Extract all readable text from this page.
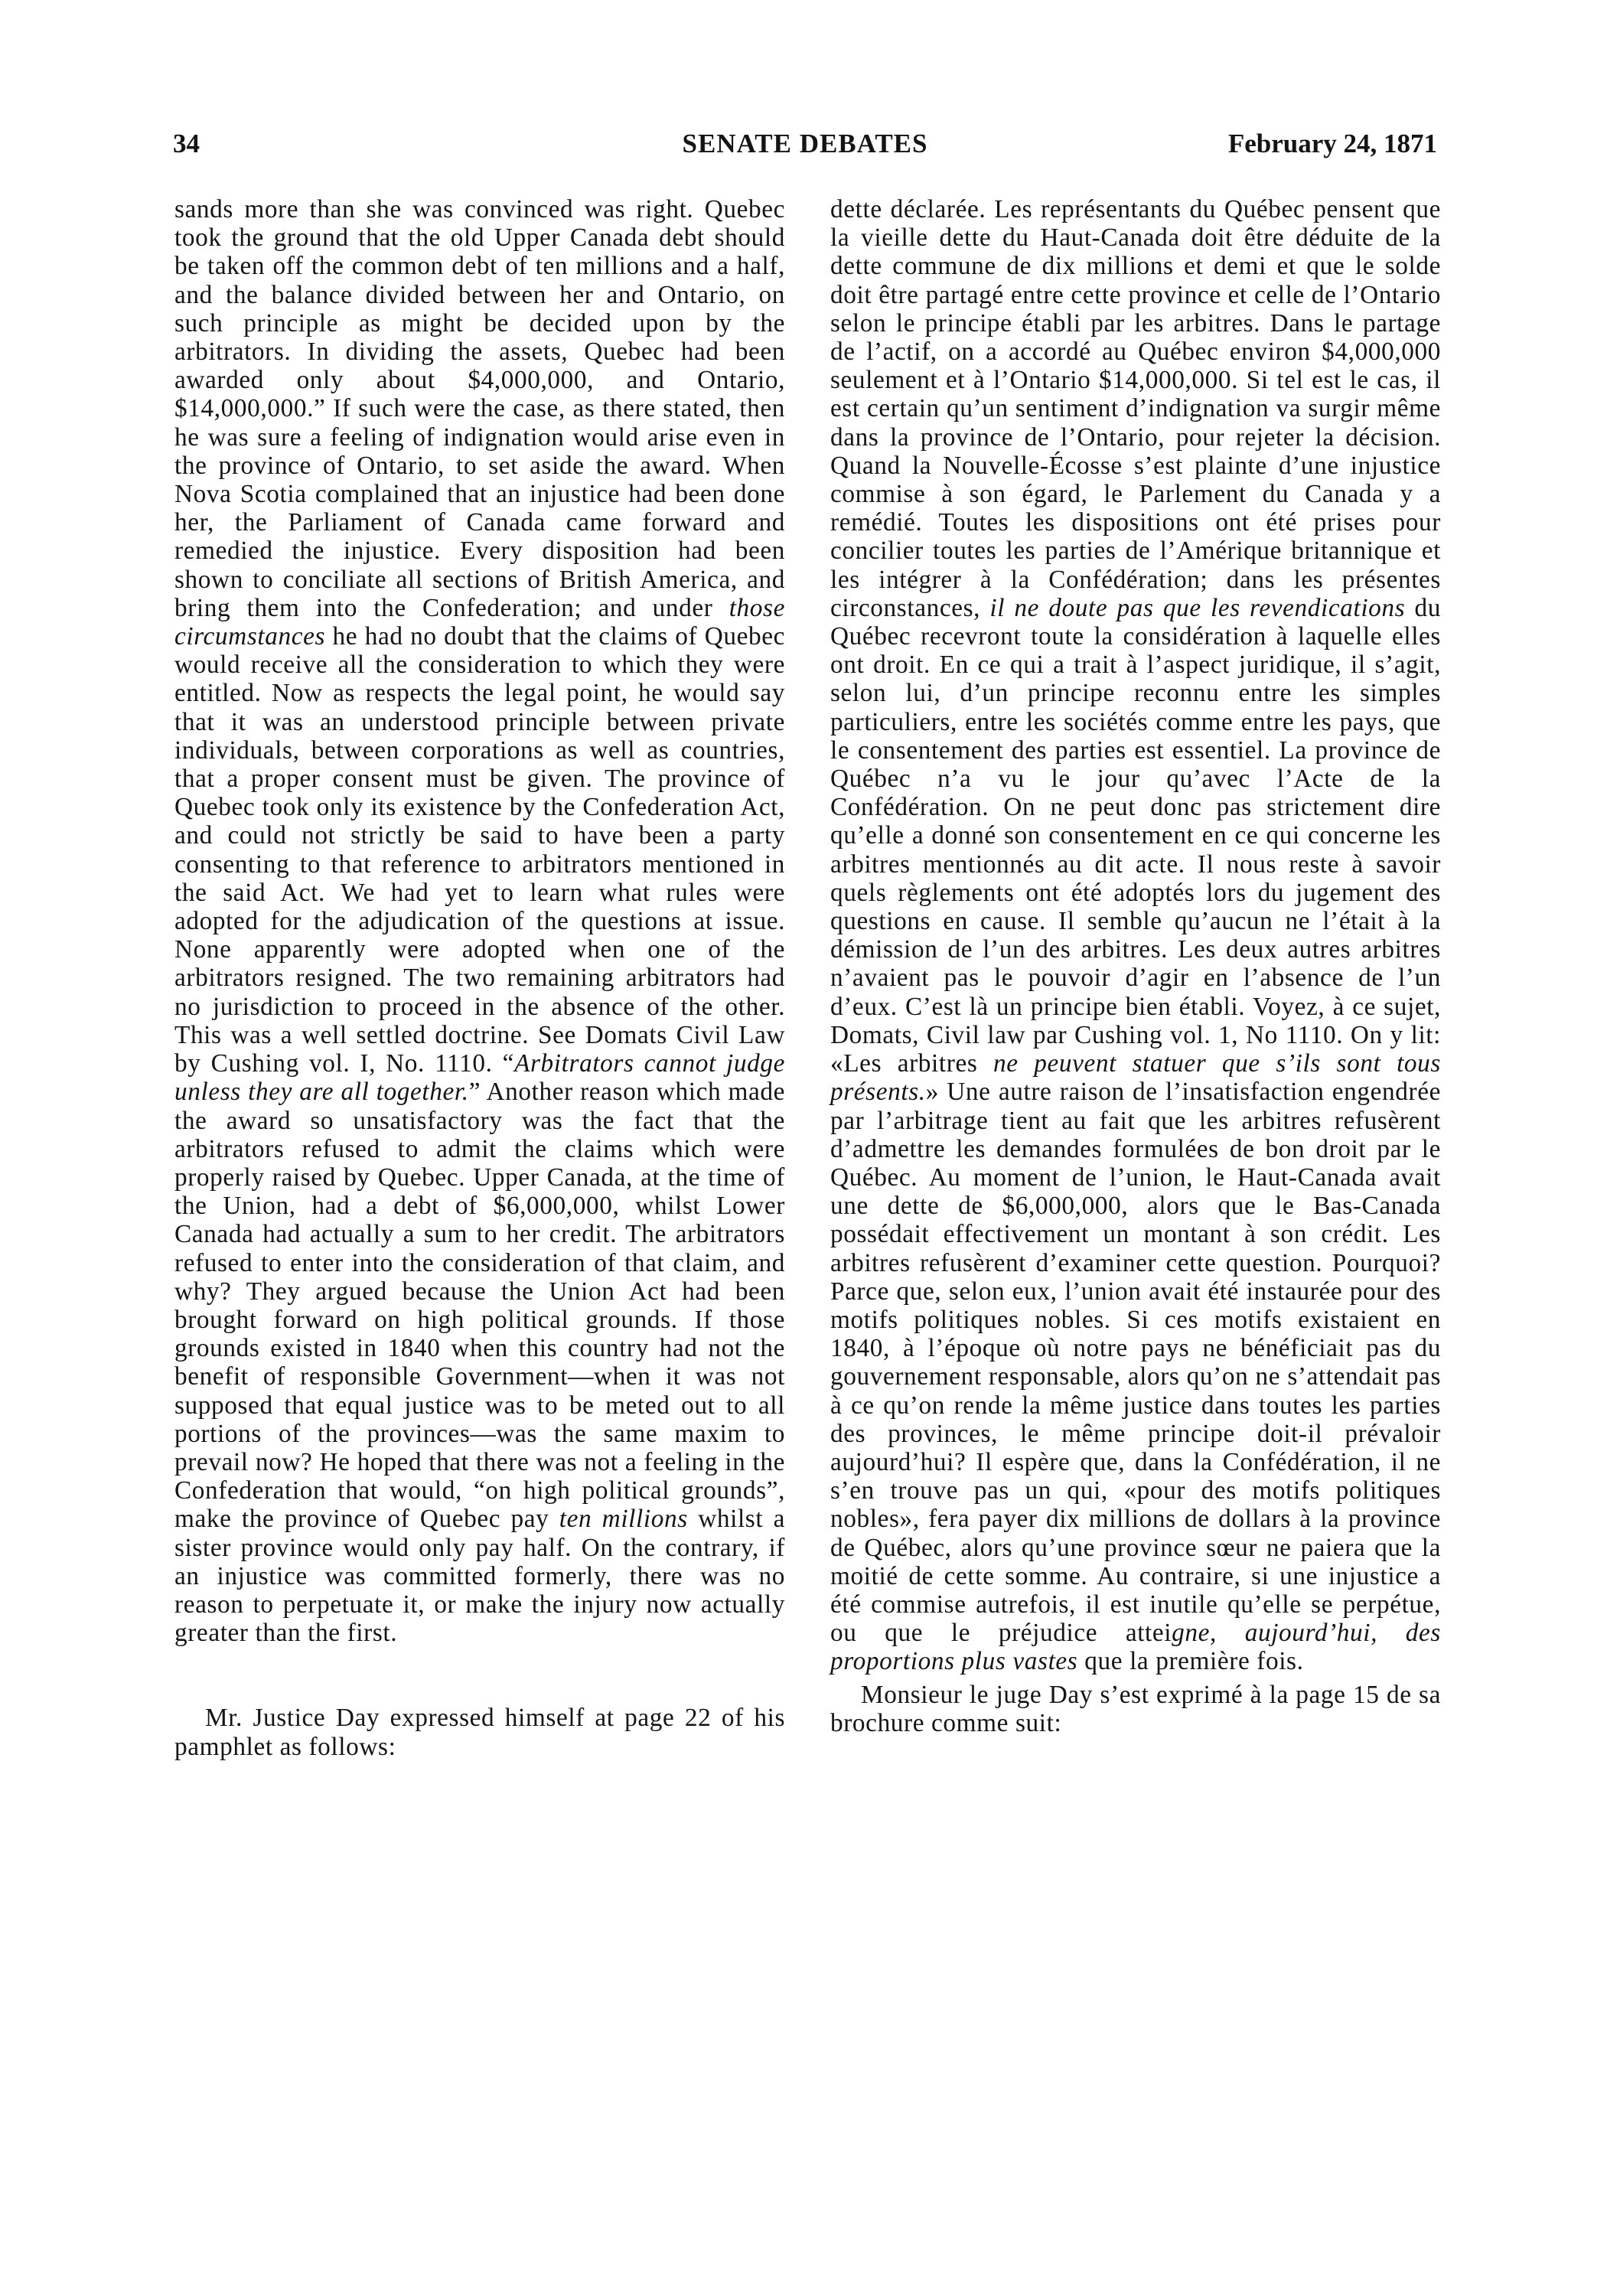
34	SENATE DEBATES	February 24, 1871

sands more than she was convinced was right. Quebec took the ground that the old Upper Canada debt should be taken off the common debt of ten millions and a half, and the balance divided between her and Ontario, on such principle as might be decided upon by the arbitrators. In dividing the assets, Quebec had been awarded only about $4,000,000, and Ontario, $14,000,000.” If such were the case, as there stated, then he was sure a feeling of indignation would arise even in the province of Ontario, to set aside the award. When Nova Scotia complained that an injustice had been done her, the Parliament of Canada came forward and remedied the injustice. Every disposition had been shown to conciliate all sections of British America, and bring them into the Confederation; and under those circumstances he had no doubt that the claims of Quebec would receive all the consideration to which they were entitled. Now as respects the legal point, he would say that it was an understood principle between private individuals, between corporations as well as countries, that a proper consent must be given. The province of Quebec took only its existence by the Confederation Act, and could not strictly be said to have been a party consenting to that reference to arbitrators mentioned in the said Act. We had yet to learn what rules were adopted for the adjudication of the questions at issue. None apparently were adopted when one of the arbitrators resigned. The two remaining arbitrators had no jurisdiction to proceed in the absence of the other. This was a well settled doctrine. See Domats Civil Law by Cushing vol. I, No. 1110. “Arbitrators cannot judge unless they are all together.” Another reason which made the award so unsatisfactory was the fact that the arbitrators refused to admit the claims which were properly raised by Quebec. Upper Canada, at the time of the Union, had a debt of $6,000,000, whilst Lower Canada had actually a sum to her credit. The arbitrators refused to enter into the consideration of that claim, and why? They argued because the Union Act had been brought forward on high political grounds. If those grounds existed in 1840 when this country had not the benefit of responsible Government—when it was not supposed that equal justice was to be meted out to all portions of the provinces—was the same maxim to prevail now? He hoped that there was not a feeling in the Confederation that would, “on high political grounds”, make the province of Quebec pay ten millions whilst a sister province would only pay half. On the contrary, if an injustice was committed formerly, there was no reason to perpetuate it, or make the injury now actually greater than the first.

Mr. Justice Day expressed himself at page 22 of his pamphlet as follows:

dette déclarée. Les représentants du Québec pensent que la vieille dette du Haut-Canada doit être déduite de la dette commune de dix millions et demi et que le solde doit être partagé entre cette province et celle de l’Ontario selon le principe établi par les arbitres. Dans le partage de l’actif, on a accordé au Québec environ $4,000,000 seulement et à l’Ontario $14,000,000. Si tel est le cas, il est certain qu’un sentiment d’indignation va surgir même dans la province de l’Ontario, pour rejeter la décision. Quand la Nouvelle-Écosse s’est plainte d’une injustice commise à son égard, le Parlement du Canada y a remédié. Toutes les dispositions ont été prises pour concilier toutes les parties de l’Amérique britannique et les intégrer à la Confédération; dans les présentes circonstances, il ne doute pas que les revendications du Québec recevront toute la considération à laquelle elles ont droit. En ce qui a trait à l’aspect juridique, il s’agit, selon lui, d’un principe reconnu entre les simples particuliers, entre les sociétés comme entre les pays, que le consentement des parties est essentiel. La province de Québec n’a vu le jour qu’avec l’Acte de la Confédération. On ne peut donc pas strictement dire qu’elle a donné son consentement en ce qui concerne les arbitres mentionnés au dit acte. Il nous reste à savoir quels règlements ont été adoptés lors du jugement des questions en cause. Il semble qu’aucun ne l’était à la démission de l’un des arbitres. Les deux autres arbitres n’avaient pas le pouvoir d’agir en l’absence de l’un d’eux. C’est là un principe bien établi. Voyez, à ce sujet, Domats, Civil law par Cushing vol. 1, No 1110. On y lit: «Les arbitres ne peuvent statuer que s’ils sont tous présents.» Une autre raison de l’insatisfaction engendrée par l’arbitrage tient au fait que les arbitres refusèrent d’admettre les demandes formulées de bon droit par le Québec. Au moment de l’union, le Haut-Canada avait une dette de $6,000,000, alors que le Bas-Canada possédait effectivement un montant à son crédit. Les arbitres refusèrent d’examiner cette question. Pourquoi? Parce que, selon eux, l’union avait été instaurée pour des motifs politiques nobles. Si ces motifs existaient en 1840, à l’époque où notre pays ne bénéficiait pas du gouvernement responsable, alors qu’on ne s’attendait pas à ce qu’on rende la même justice dans toutes les parties des provinces, le même principe doit-il prévaloir aujourd’hui? Il espère que, dans la Confédération, il ne s’en trouve pas un qui, «pour des motifs politiques nobles», fera payer dix millions de dollars à la province de Québec, alors qu’une province sœur ne paiera que la moitié de cette somme. Au contraire, si une injustice a été commise autrefois, il est inutile qu’elle se perpétue, ou que le préjudice atteigne, aujourd’hui, des proportions plus vastes que la première fois.

Monsieur le juge Day s’est exprimé à la page 15 de sa brochure comme suit:
